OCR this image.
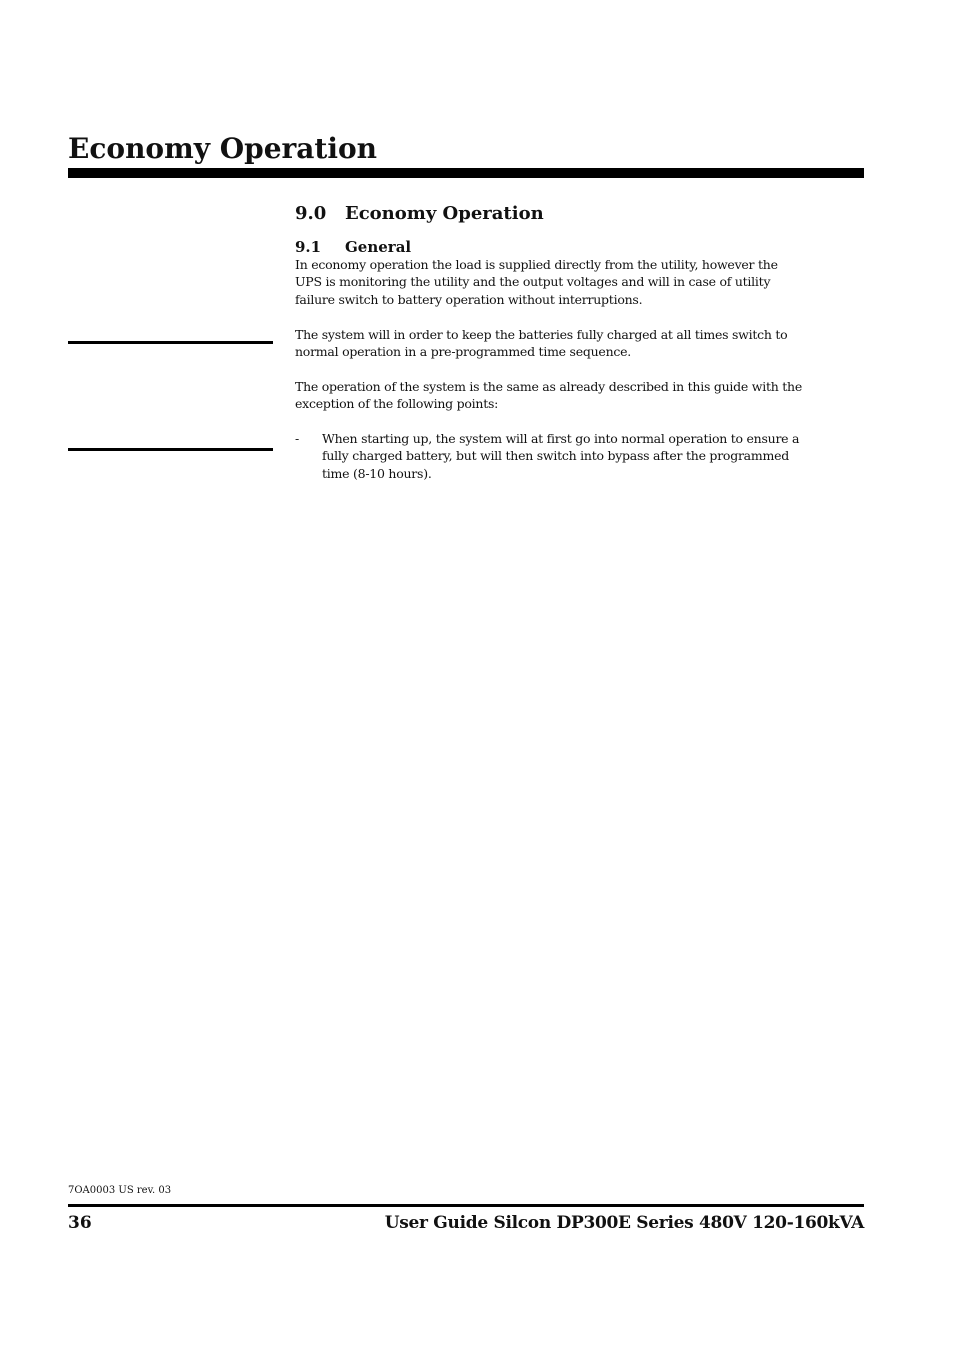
Economy Operation
9.0 Economy Operation
9.1 General
In economy operation the load is supplied directly from the utility, however the
UPS is monitoring the utility and the output voltages and will in case of utility
failure switch to battery operation without interruptions.
The system will in order to keep the batteries fully charged at all times switch to
normal operation in a pre-programmed time sequence.
The operation of the system is the same as already described in this guide with the
exception of the following points:
- When starting up, the system will at first go into normal operation to ensure a
fully charged battery, but will then switch into bypass after the programmed
time (8-10 hours).
7OA0003 US rev. 03
36	User Guide Silcon DP300E Series 480V 120-160kVA
